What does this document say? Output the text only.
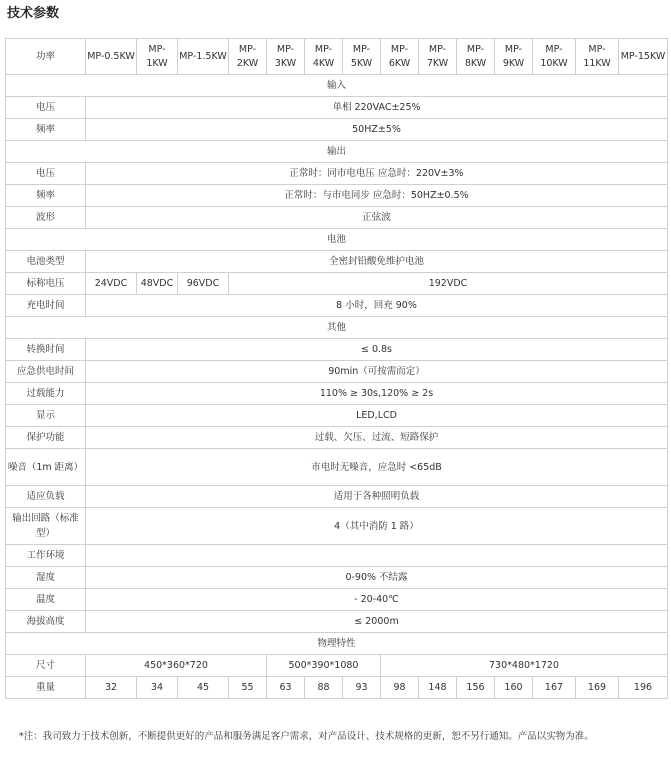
技术参数
功率	MP-0.5KW	MP-1KW	MP-1.5KW	MP-2KW	MP-3KW	MP-4KW	MP-5KW	MP-6KW	MP-7KW	MP-8KW	MP-9KW	MP-10KW	MP-11KW	MP-15KW
输入														
电压	单相 220VAC±25%													
频率	50HZ±5%													
输出														
电压	正常时：同市电电压 应急时：220V±3%													
频率	正常时：与市电同步 应急时：50HZ±0.5%													
波形	正弦波													
电池														
电池类型	全密封铅酸免维护电池													
标称电压	24VDC	48VDC	96VDC	192VDC										
充电时间	8 小时，回充 90%													
其他														
转换时间	≤ 0.8s													
应急供电时间	90min（可按需而定）													
过载能力	110% ≥ 30s,120% ≥ 2s													
显示	LED,LCD													
保护功能	过载、欠压、过流、短路保护													
噪音（1m 距离）	市电时无噪音，应急时 <65dB													
适应负载	适用于各种照明负载													
输出回路（标准型）	4（其中消防 1 路）													
工作环境														
湿度	0-90% 不结露													
温度	- 20-40℃													
海拔高度	≤ 2000m													
物理特性														
尺寸	450*360*720				500*390*1080			730*480*1720						
重量	32	34	45	55	63	88	93	98	148	156	160	167	169	196
*注：我司致力于技术创新，不断提供更好的产品和服务满足客户需求，对产品设计、技术规格的更新，恕不另行通知。产品以实物为准。
